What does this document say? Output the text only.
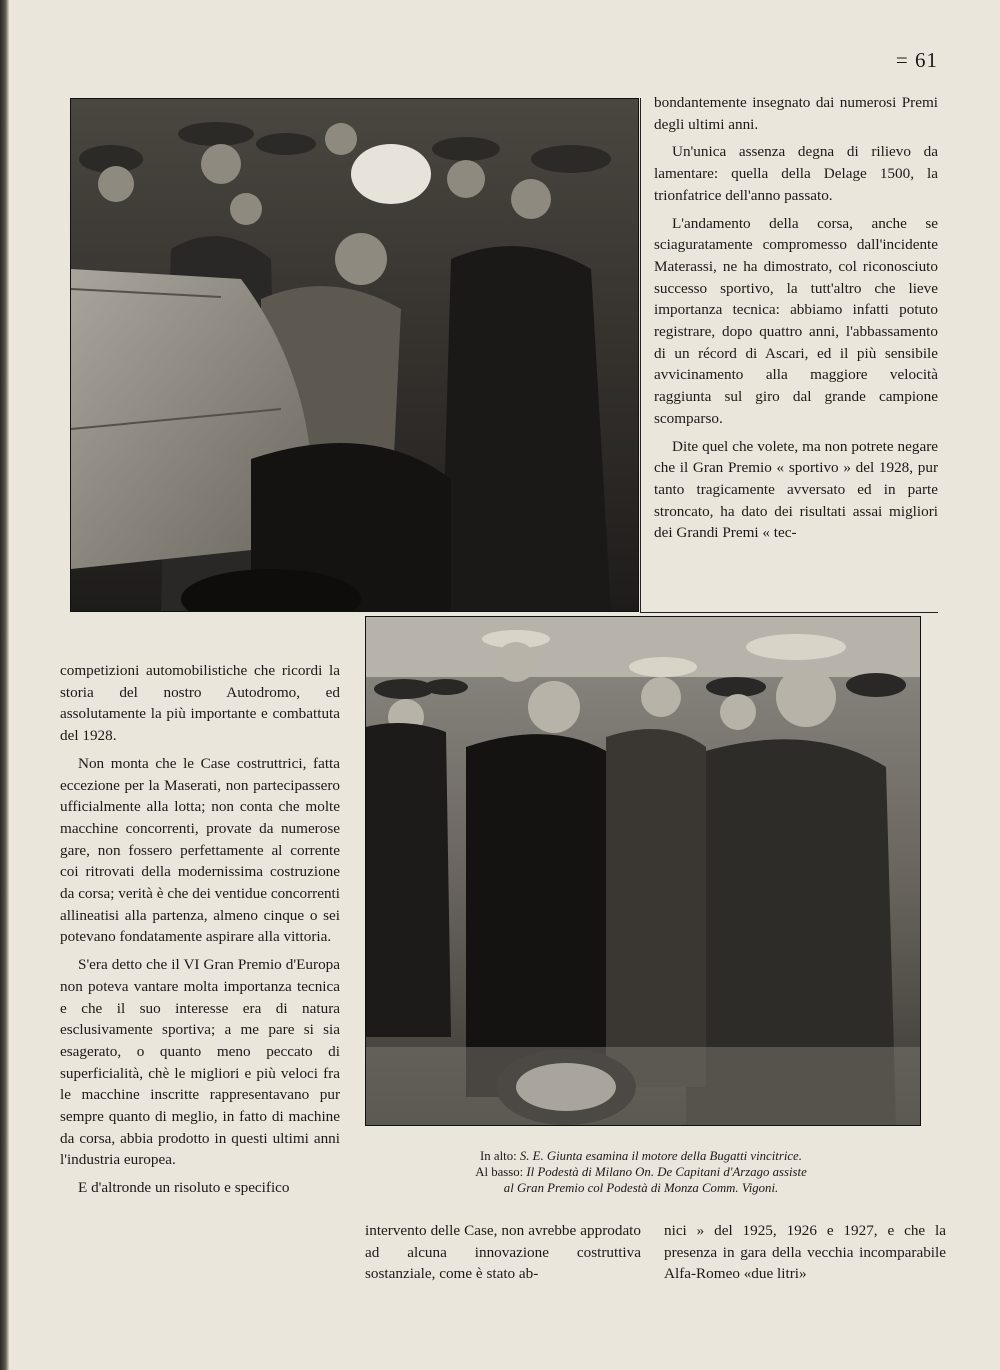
= 61

bondantemente insegnato dai numerosi Premi degli ultimi anni.

Un'unica assenza degna di rilievo da lamentare: quella della Delage 1500, la trionfatrice dell'anno passato.

L'andamento della corsa, anche se sciaguratamente compromesso dall'incidente Materassi, ne ha dimostrato, col riconosciuto successo sportivo, la tutt'altro che lieve importanza tecnica: abbiamo infatti potuto registrare, dopo quattro anni, l'abbassamento di un récord di Ascari, ed il più sensibile avvicinamento alla maggiore velocità raggiunta sul giro dal grande campione scomparso.

Dite quel che volete, ma non potrete negare che il Gran Premio « sportivo » del 1928, pur tanto tragicamente avversato ed in parte stroncato, ha dato dei risultati assai migliori dei Grandi Premi « tec-

In alto: S. E. Giunta esamina il motore della Bugatti vincitrice.
Al basso: Il Podestà di Milano On. De Capitani d'Arzago assiste
al Gran Premio col Podestà di Monza Comm. Vigoni.

competizioni automobilistiche che ricordi la storia del nostro Autodromo, ed assolutamente la più importante e combattuta del 1928.

Non monta che le Case costruttrici, fatta eccezione per la Maserati, non partecipassero ufficialmente alla lotta; non conta che molte macchine concorrenti, provate da numerose gare, non fossero perfettamente al corrente coi ritrovati della modernissima costruzione da corsa; verità è che dei ventidue concorrenti allineatisi alla partenza, almeno cinque o sei potevano fondatamente aspirare alla vittoria.

S'era detto che il VI Gran Premio d'Europa non poteva vantare molta importanza tecnica e che il suo interesse era di natura esclusivamente sportiva; a me pare si sia esagerato, o quanto meno peccato di superficialità, chè le migliori e più veloci fra le macchine inscritte rappresentavano pur sempre quanto di meglio, in fatto di machine da corsa, abbia prodotto in questi ultimi anni l'industria europea.

E d'altronde un risoluto e specifico

intervento delle Case, non avrebbe approdato ad alcuna innovazione costruttiva sostanziale, come è stato ab-

nici » del 1925, 1926 e 1927, e che la presenza in gara della vecchia incomparabile Alfa-Romeo «due litri»
